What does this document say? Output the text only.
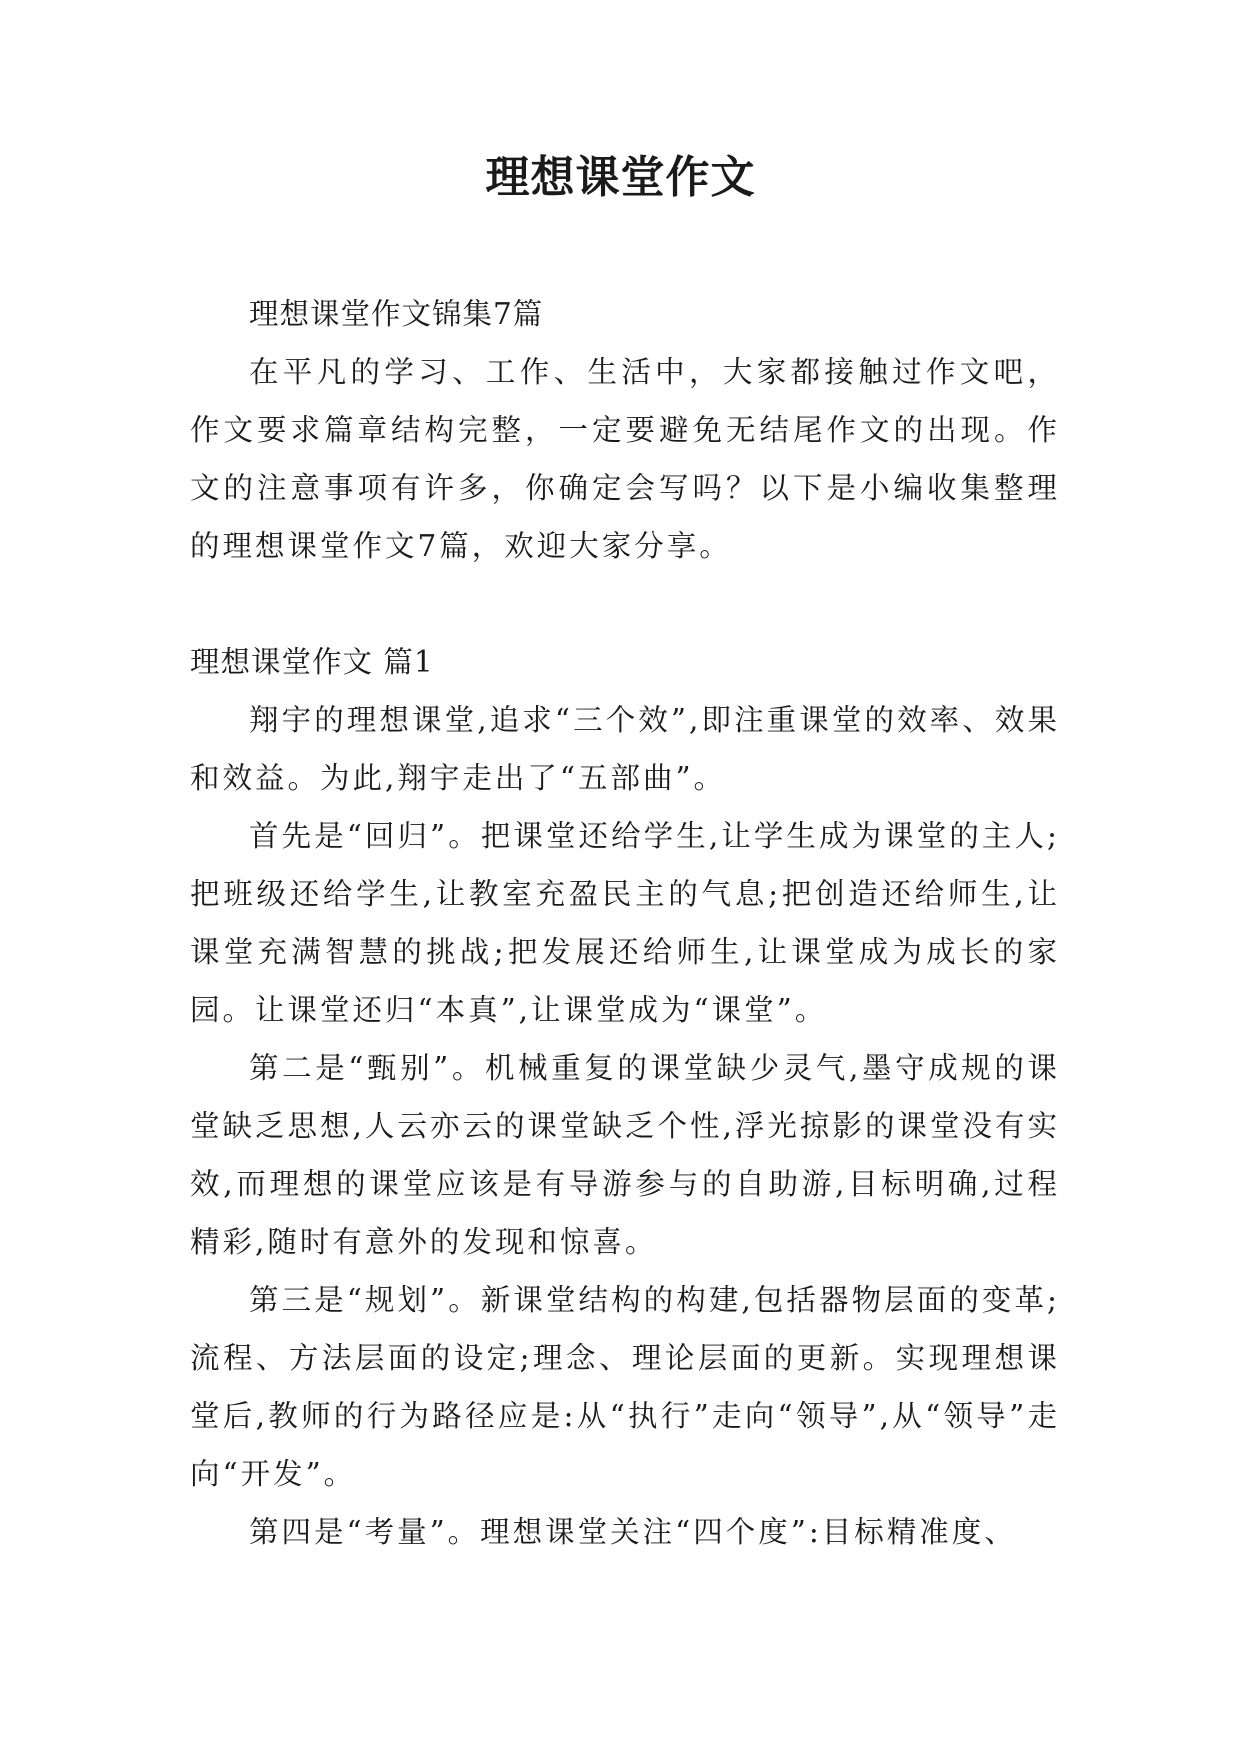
理想课堂作文

理想课堂作文锦集7篇

在平凡的学习、工作、生活中，大家都接触过作文吧，作文要求篇章结构完整，一定要避免无结尾作文的出现。作文的注意事项有许多，你确定会写吗？以下是小编收集整理的理想课堂作文7篇，欢迎大家分享。

理想课堂作文 篇1

翔宇的理想课堂,追求“三个效”,即注重课堂的效率、效果和效益。为此,翔宇走出了“五部曲”。

首先是“回归”。把课堂还给学生,让学生成为课堂的主人;把班级还给学生,让教室充盈民主的气息;把创造还给师生,让课堂充满智慧的挑战;把发展还给师生,让课堂成为成长的家园。让课堂还归“本真”,让课堂成为“课堂”。

第二是“甄别”。机械重复的课堂缺少灵气,墨守成规的课堂缺乏思想,人云亦云的课堂缺乏个性,浮光掠影的课堂没有实效,而理想的课堂应该是有导游参与的自助游,目标明确,过程精彩,随时有意外的发现和惊喜。

第三是“规划”。新课堂结构的构建,包括器物层面的变革;流程、方法层面的设定;理念、理论层面的更新。实现理想课堂后,教师的行为路径应是:从“执行”走向“领导”,从“领导”走向“开发”。

第四是“考量”。理想课堂关注“四个度”:目标精准度、
